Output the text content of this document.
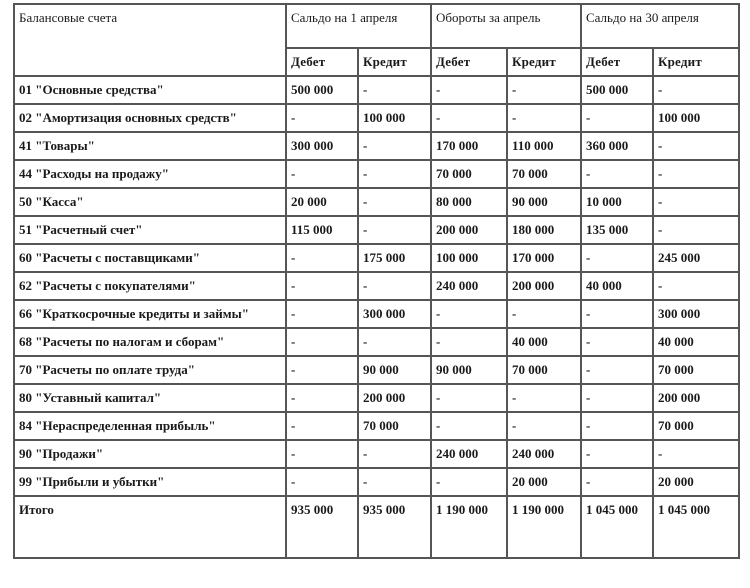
Балансовые счета	Сальдо на 1 апреля		Обороты за апрель		Сальдо на 30 апреля	
	Дебет	Кредит	Дебет	Кредит	Дебет	Кредит
01 "Основные средства"	500 000	-	-	-	500 000	-
02 "Амортизация основных средств"	-	100 000	-	-	-	100 000
41 "Товары"	300 000	-	170 000	110 000	360 000	-
44 "Расходы на продажу"	-	-	70 000	70 000	-	-
50 "Касса"	20 000	-	80 000	90 000	10 000	-
51 "Расчетный счет"	115 000	-	200 000	180 000	135 000	-
60 "Расчеты с поставщиками"	-	175 000	100 000	170 000	-	245 000
62 "Расчеты с покупателями"	-	-	240 000	200 000	40 000	-
66 "Краткосрочные кредиты и займы"	-	300 000	-	-	-	300 000
68 "Расчеты по налогам и сборам"	-	-	-	40 000	-	40 000
70 "Расчеты по оплате труда"	-	90 000	90 000	70 000	-	70 000
80 "Уставный капитал"	-	200 000	-	-	-	200 000
84 "Нераспределенная прибыль"	-	70 000	-	-	-	70 000
90 "Продажи"	-	-	240 000	240 000	-	-
99 "Прибыли и убытки"	-	-	-	20 000	-	20 000
Итого	935 000	935 000	1 190 000	1 190 000	1 045 000	1 045 000
